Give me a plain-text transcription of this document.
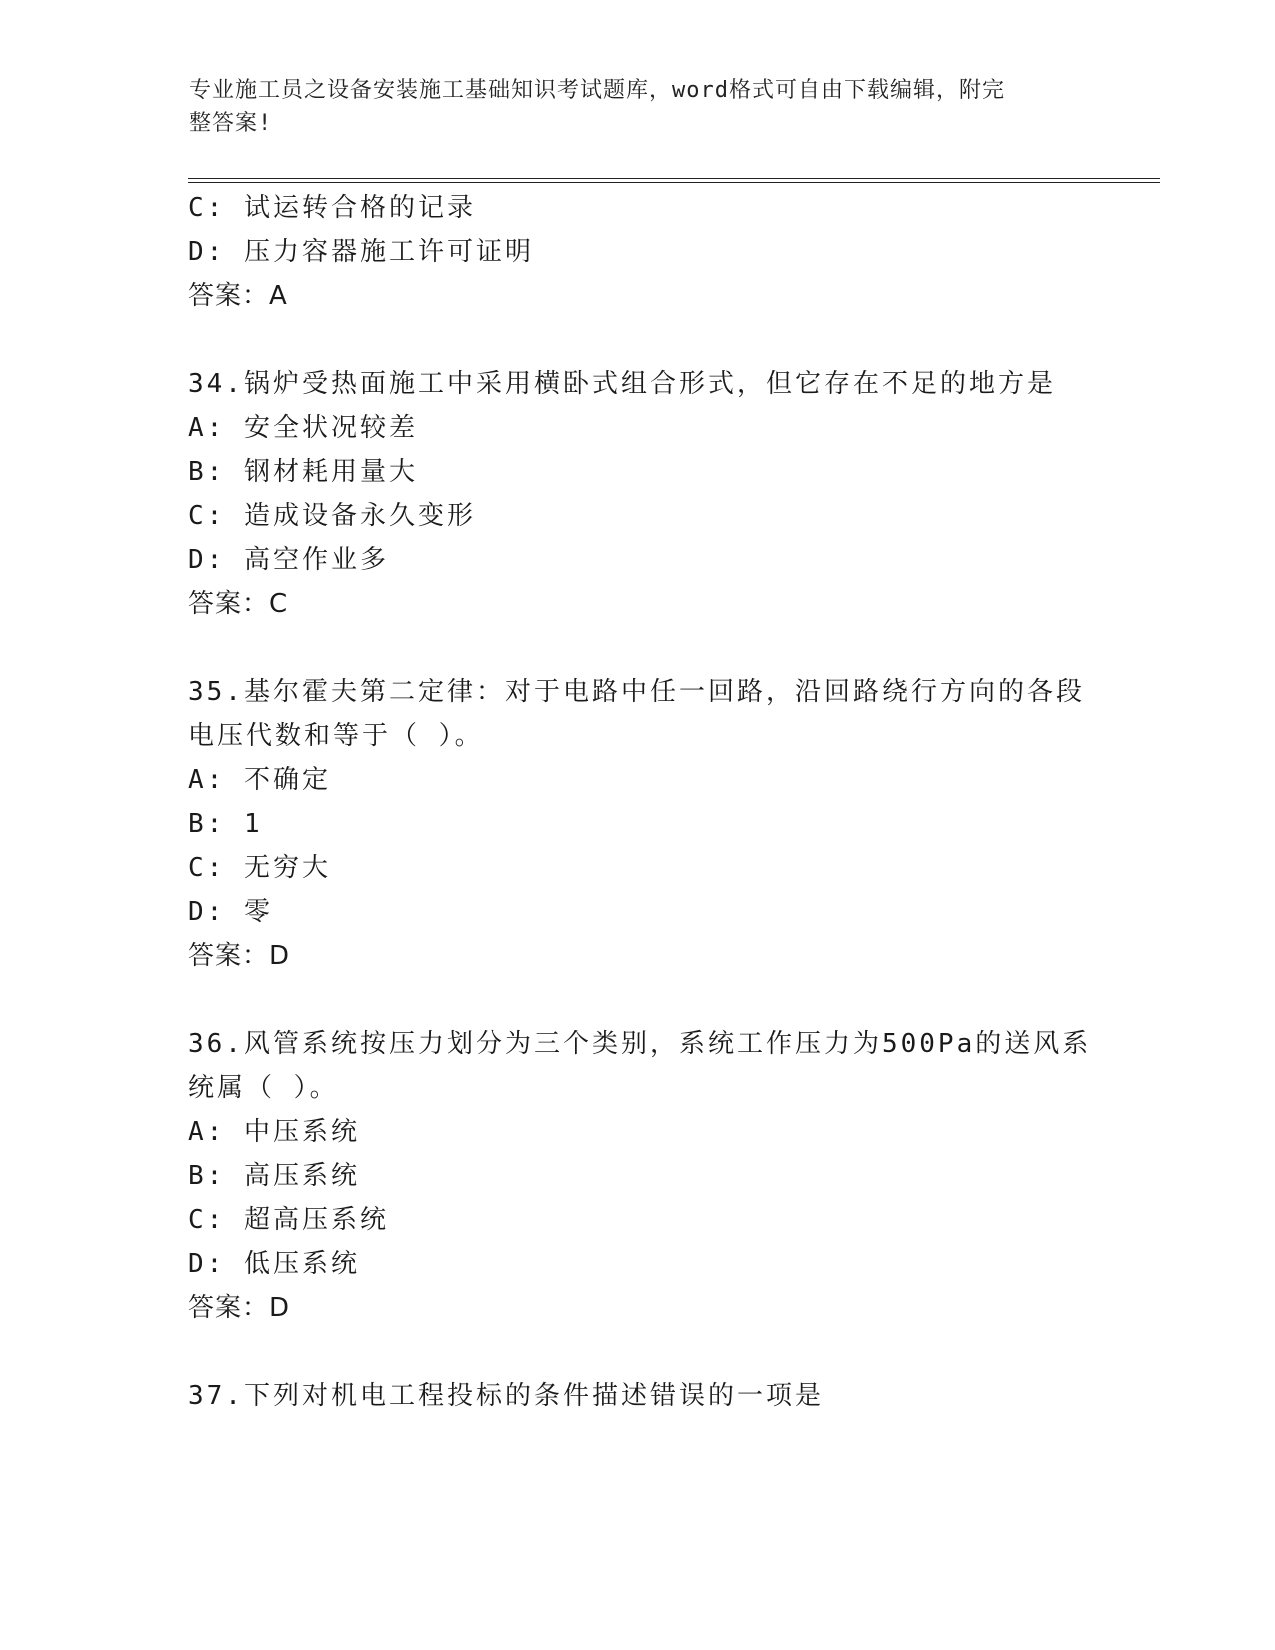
专业施工员之设备安装施工基础知识考试题库，word格式可自由下载编辑，附完
整答案!
C: 试运转合格的记录
D: 压力容器施工许可证明
答案：A
34.锅炉受热面施工中采用横卧式组合形式，但它存在不足的地方是
A: 安全状况较差
B: 钢材耗用量大
C: 造成设备永久变形
D: 高空作业多
答案：C
35.基尔霍夫第二定律：对于电路中任一回路，沿回路绕行方向的各段
电压代数和等于（ ）。
A: 不确定
B: 1
C: 无穷大
D: 零
答案：D
36.风管系统按压力划分为三个类别，系统工作压力为500Pa的送风系
统属（ ）。
A: 中压系统
B: 高压系统
C: 超高压系统
D: 低压系统
答案：D
37.下列对机电工程投标的条件描述错误的一项是
